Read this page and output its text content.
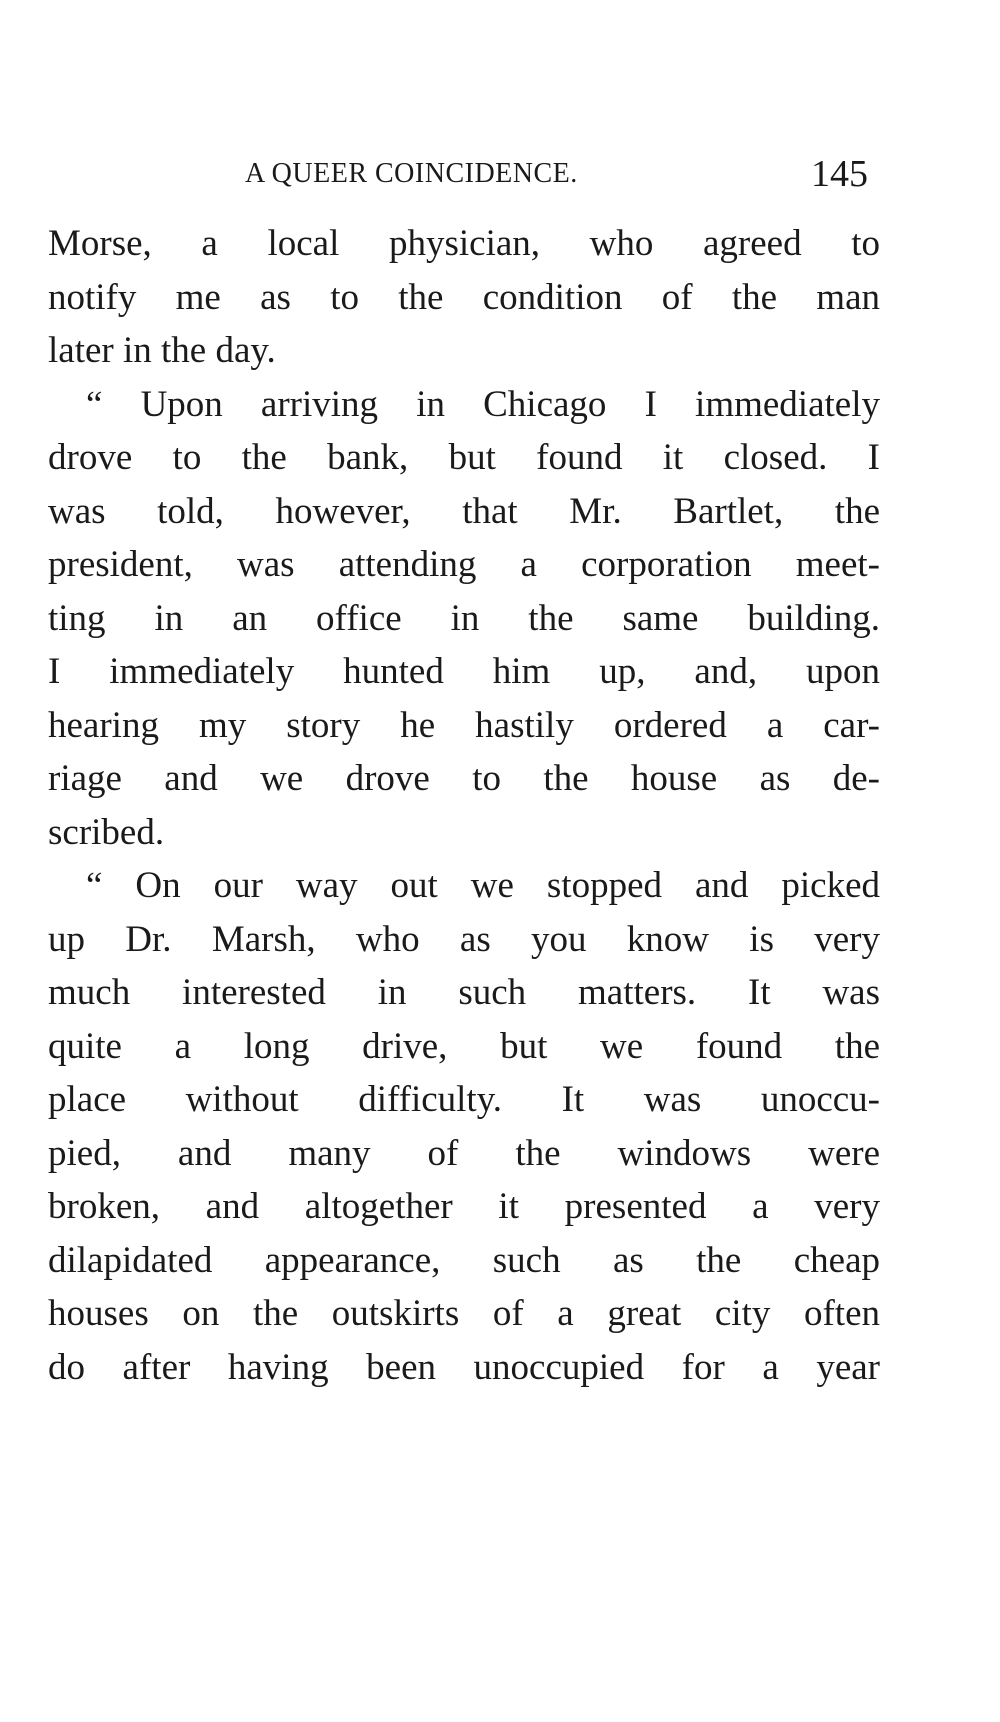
A QUEER COINCIDENCE.	145
Morse, a local physician, who agreed to
notify me as to the condition of the man
later in the day.
“ Upon arriving in Chicago I immediately
drove to the bank, but found it closed. I
was told, however, that Mr. Bartlet, the
president, was attending a corporation meet-
ting in an office in the same building.
I immediately hunted him up, and, upon
hearing my story he hastily ordered a car-
riage and we drove to the house as de-
scribed.
“ On our way out we stopped and picked
up Dr. Marsh, who as you know is very
much interested in such matters. It was
quite a long drive, but we found the
place without difficulty. It was unoccu-
pied, and many of the windows were
broken, and altogether it presented a very
dilapidated appearance, such as the cheap
houses on the outskirts of a great city often
do after having been unoccupied for a year
